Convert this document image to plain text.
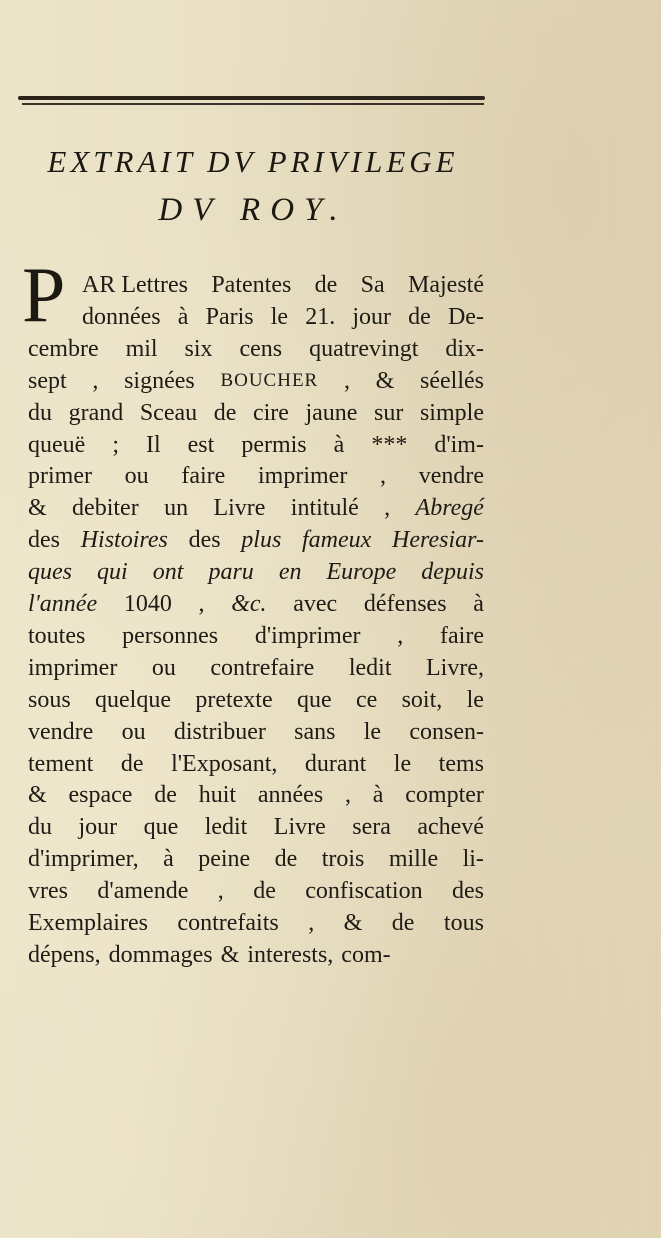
EXTRAIT DV PRIVILEGE
DV ROY.
P AR Lettres Patentes de Sa Majesté
données à Paris le 21. jour de De-
cembre mil six cens quatrevingt dix-
sept , signées BOUCHER , & séellés
du grand Sceau de cire jaune sur simple
queuë ; Il est permis à *** d'im-
primer ou faire imprimer , vendre
& debiter un Livre intitulé , Abregé
des Histoires des plus fameux Heresiar-
ques qui ont paru en Europe depuis
l'année 1040 , &c. avec défenses à
toutes personnes d'imprimer , faire
imprimer ou contrefaire ledit Livre,
sous quelque pretexte que ce soit, le
vendre ou distribuer sans le consen-
tement de l'Exposant, durant le tems
& espace de huit années , à compter
du jour que ledit Livre sera achevé
d'imprimer, à peine de trois mille li-
vres d'amende , de confiscation des
Exemplaires contrefaits , & de tous
dépens, dommages & interests, com-
